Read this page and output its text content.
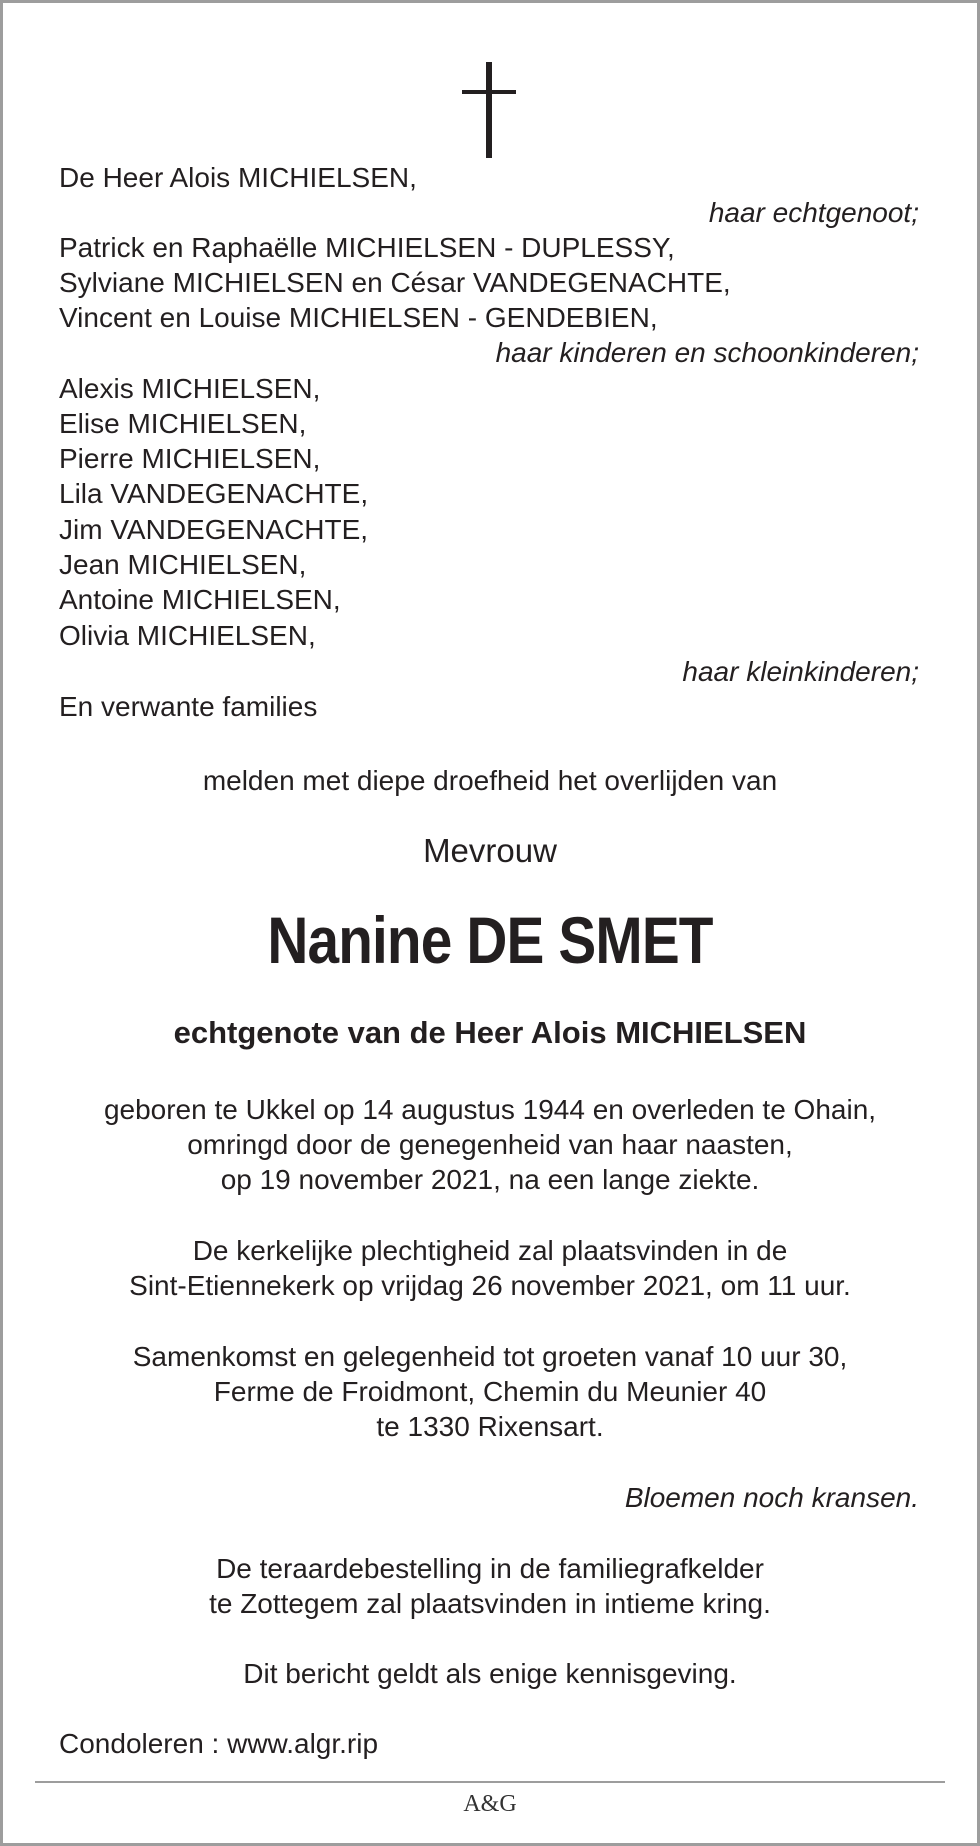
De Heer Alois MICHIELSEN,
haar echtgenoot;
Patrick en Raphaëlle MICHIELSEN - DUPLESSY,
Sylviane MICHIELSEN en César VANDEGENACHTE,
Vincent en Louise MICHIELSEN - GENDEBIEN,
haar kinderen en schoonkinderen;
Alexis MICHIELSEN,
Elise MICHIELSEN,
Pierre MICHIELSEN,
Lila VANDEGENACHTE,
Jim VANDEGENACHTE,
Jean MICHIELSEN,
Antoine MICHIELSEN,
Olivia MICHIELSEN,
haar kleinkinderen;
En verwante families
melden met diepe droefheid het overlijden van
Mevrouw
Nanine DE SMET
echtgenote van de Heer Alois MICHIELSEN
geboren te Ukkel op 14 augustus 1944 en overleden te Ohain,
omringd door de genegenheid van haar naasten,
op 19 november 2021, na een lange ziekte.
De kerkelijke plechtigheid zal plaatsvinden in de
Sint-Etiennekerk op vrijdag 26 november 2021, om 11 uur.
Samenkomst en gelegenheid tot groeten vanaf 10 uur 30,
Ferme de Froidmont, Chemin du Meunier 40
te 1330 Rixensart.
Bloemen noch kransen.
De teraardebestelling in de familiegrafkelder
te Zottegem zal plaatsvinden in intieme kring.
Dit bericht geldt als enige kennisgeving.
Condoleren : www.algr.rip
A&G
